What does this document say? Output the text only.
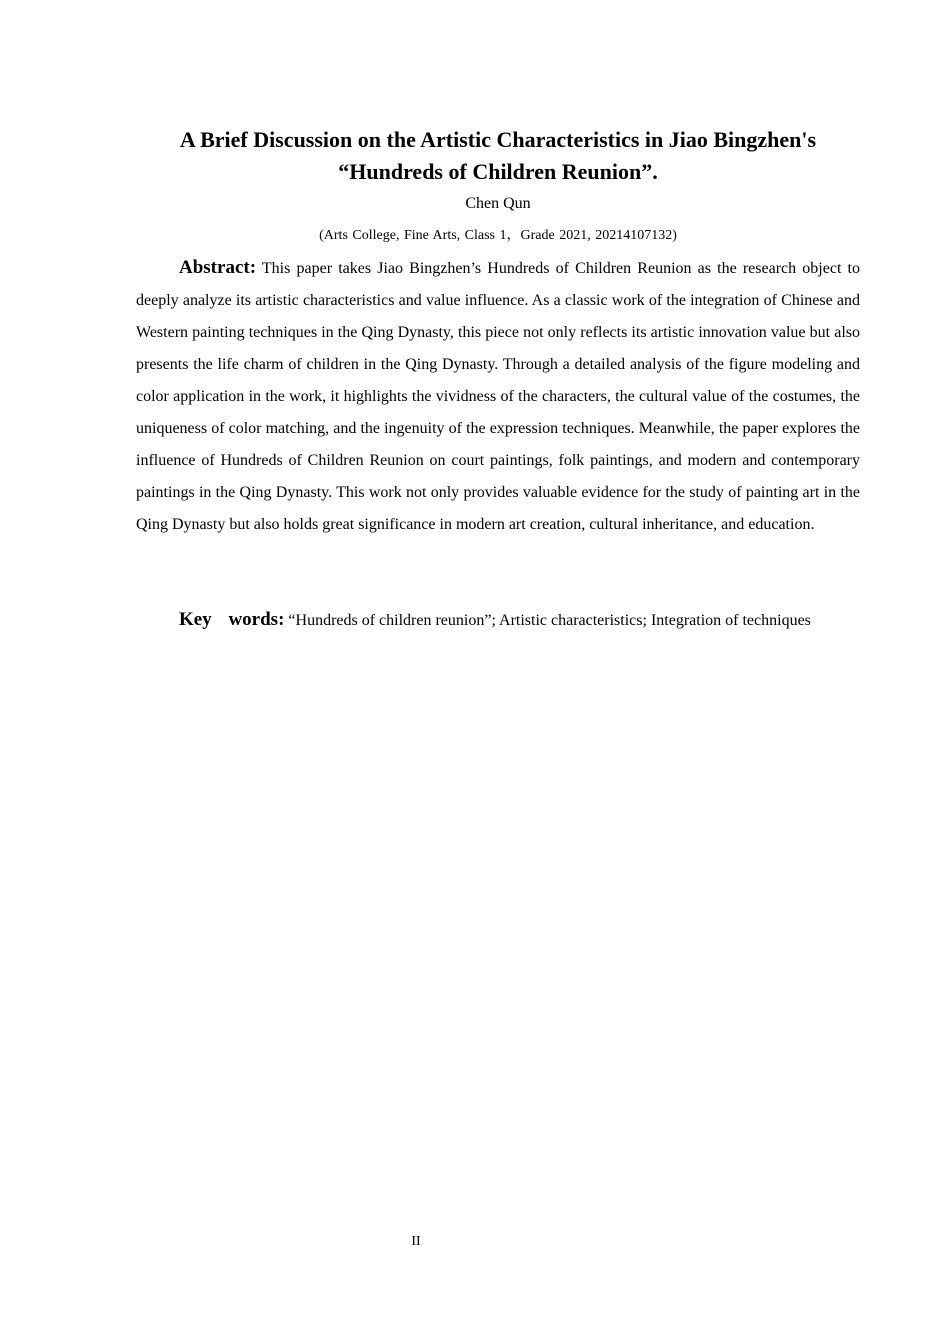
A Brief Discussion on the Artistic Characteristics in Jiao Bingzhen's
“Hundreds of Children Reunion”.
Chen Qun
(Arts College, Fine Arts, Class 1，Grade 2021, 20214107132)

Abstract: This paper takes Jiao Bingzhen’s Hundreds of Children Reunion as the research object to deeply analyze its artistic characteristics and value influence. As a classic work of the integration of Chinese and Western painting techniques in the Qing Dynasty, this piece not only reflects its artistic innovation value but also presents the life charm of children in the Qing Dynasty. Through a detailed analysis of the figure modeling and color application in the work, it highlights the vividness of the characters, the cultural value of the costumes, the uniqueness of color matching, and the ingenuity of the expression techniques. Meanwhile, the paper explores the influence of Hundreds of Children Reunion on court paintings, folk paintings, and modern and contemporary paintings in the Qing Dynasty. This work not only provides valuable evidence for the study of painting art in the Qing Dynasty but also holds great significance in modern art creation, cultural inheritance, and education.

Key words: “Hundreds of children reunion”; Artistic characteristics; Integration of techniques

II
